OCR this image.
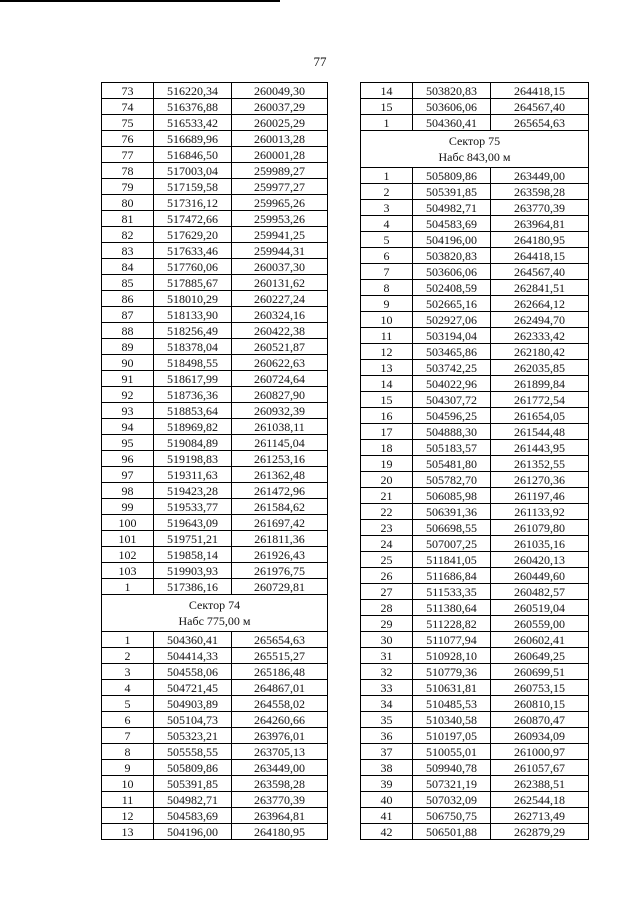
77
73	516220,34	260049,30
74	516376,88	260037,29
75	516533,42	260025,29
76	516689,96	260013,28
77	516846,50	260001,28
78	517003,04	259989,27
79	517159,58	259977,27
80	517316,12	259965,26
81	517472,66	259953,26
82	517629,20	259941,25
83	517633,46	259944,31
84	517760,06	260037,30
85	517885,67	260131,62
86	518010,29	260227,24
87	518133,90	260324,16
88	518256,49	260422,38
89	518378,04	260521,87
90	518498,55	260622,63
91	518617,99	260724,64
92	518736,36	260827,90
93	518853,64	260932,39
94	518969,82	261038,11
95	519084,89	261145,04
96	519198,83	261253,16
97	519311,63	261362,48
98	519423,28	261472,96
99	519533,77	261584,62
100	519643,09	261697,42
101	519751,21	261811,36
102	519858,14	261926,43
103	519903,93	261976,75
1	517386,16	260729,81

Сектор 74
Набс 775,00 м		

1	504360,41	265654,63
2	504414,33	265515,27
3	504558,06	265186,48
4	504721,45	264867,01
5	504903,89	264558,02
6	505104,73	264260,66
7	505323,21	263976,01
8	505558,55	263705,13
9	505809,86	263449,00
10	505391,85	263598,28
11	504982,71	263770,39
12	504583,69	263964,81
13	504196,00	264180,95
14	503820,83	264418,15
15	503606,06	264567,40
1	504360,41	265654,63

Сектор 75
Набс 843,00 м		

1	505809,86	263449,00
2	505391,85	263598,28
3	504982,71	263770,39
4	504583,69	263964,81
5	504196,00	264180,95
6	503820,83	264418,15
7	503606,06	264567,40
8	502408,59	262841,51
9	502665,16	262664,12
10	502927,06	262494,70
11	503194,04	262333,42
12	503465,86	262180,42
13	503742,25	262035,85
14	504022,96	261899,84
15	504307,72	261772,54
16	504596,25	261654,05
17	504888,30	261544,48
18	505183,57	261443,95
19	505481,80	261352,55
20	505782,70	261270,36
21	506085,98	261197,46
22	506391,36	261133,92
23	506698,55	261079,80
24	507007,25	261035,16
25	511841,05	260420,13
26	511686,84	260449,60
27	511533,35	260482,57
28	511380,64	260519,04
29	511228,82	260559,00
30	511077,94	260602,41
31	510928,10	260649,25
32	510779,36	260699,51
33	510631,81	260753,15
34	510485,53	260810,15
35	510340,58	260870,47
36	510197,05	260934,09
37	510055,01	261000,97
38	509940,78	261057,67
39	507321,19	262388,51
40	507032,09	262544,18
41	506750,75	262713,49
42	506501,88	262879,29
